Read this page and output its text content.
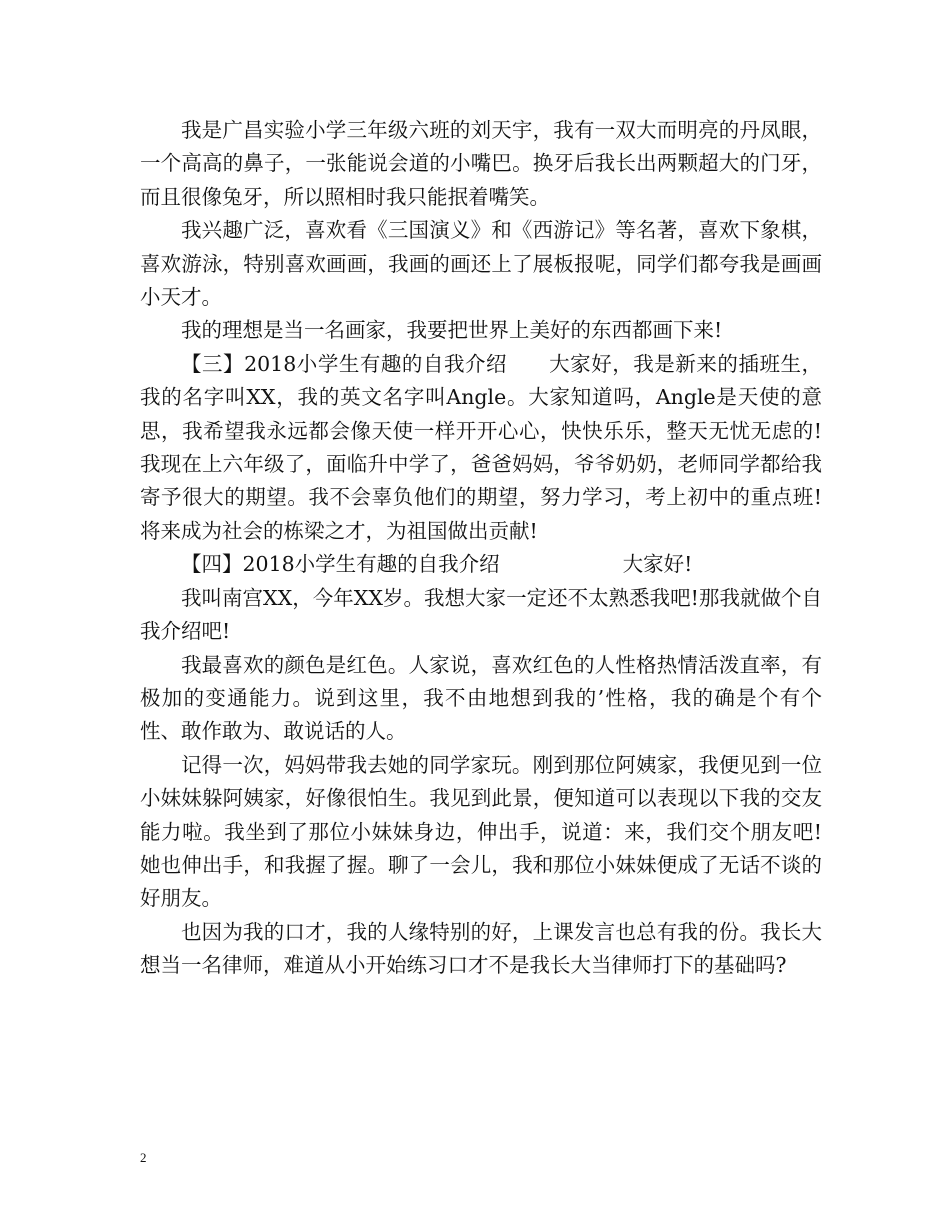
我是广昌实验小学三年级六班的刘天宇，我有一双大而明亮的丹凤眼，一个高高的鼻子，一张能说会道的小嘴巴。换牙后我长出两颗超大的门牙，而且很像兔牙，所以照相时我只能抿着嘴笑。

我兴趣广泛，喜欢看《三国演义》和《西游记》等名著，喜欢下象棋，喜欢游泳，特别喜欢画画，我画的画还上了展板报呢，同学们都夸我是画画小天才。

我的理想是当一名画家，我要把世界上美好的东西都画下来!

【三】2018小学生有趣的自我介绍　　大家好，我是新来的插班生，我的名字叫XX，我的英文名字叫Angle。大家知道吗，Angle是天使的意思，我希望我永远都会像天使一样开开心心，快快乐乐，整天无忧无虑的!我现在上六年级了，面临升中学了，爸爸妈妈，爷爷奶奶，老师同学都给我寄予很大的期望。我不会辜负他们的期望，努力学习，考上初中的重点班!将来成为社会的栋梁之才，为祖国做出贡献!

【四】2018小学生有趣的自我介绍　　　　　　大家好!

我叫南宫XX，今年XX岁。我想大家一定还不太熟悉我吧!那我就做个自我介绍吧!

我最喜欢的颜色是红色。人家说，喜欢红色的人性格热情活泼直率，有极加的变通能力。说到这里，我不由地想到我的’性格，我的确是个有个性、敢作敢为、敢说话的人。

记得一次，妈妈带我去她的同学家玩。刚到那位阿姨家，我便见到一位小妹妹躲阿姨家，好像很怕生。我见到此景，便知道可以表现以下我的交友能力啦。我坐到了那位小妹妹身边，伸出手，说道：来，我们交个朋友吧!她也伸出手，和我握了握。聊了一会儿，我和那位小妹妹便成了无话不谈的好朋友。

也因为我的口才，我的人缘特别的好，上课发言也总有我的份。我长大想当一名律师，难道从小开始练习口才不是我长大当律师打下的基础吗?

2
